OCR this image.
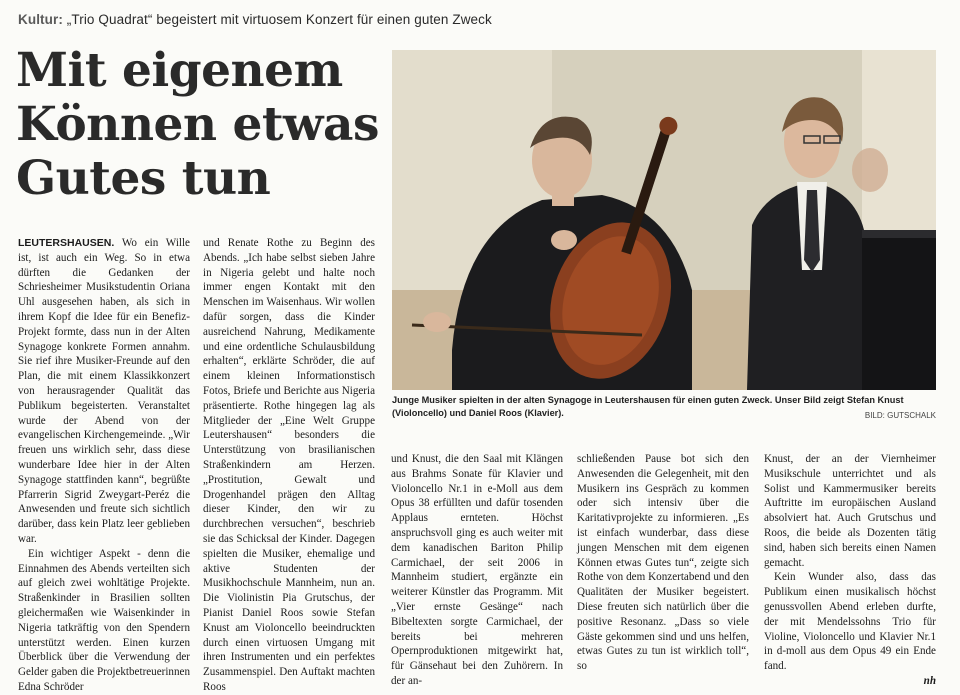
Kultur: „Trio Quadrat“ begeistert mit virtuosem Konzert für einen guten Zweck
Mit eigenem
Können etwas
Gutes tun
Junge Musiker spielten in der alten Synagoge in Leutershausen für einen guten Zweck. Unser Bild zeigt Stefan Knust (Violoncello) und Daniel Roos (Klavier).	BILD: GUTSCHALK

LEUTERSHAUSEN. Wo ein Wille ist, ist auch ein Weg. So in etwa dürften die Gedanken der Schriesheimer Musikstudentin Oriana Uhl ausgesehen haben, als sich in ihrem Kopf die Idee für ein Benefiz-Projekt formte, dass nun in der Alten Synagoge konkrete Formen annahm. Sie rief ihre Musiker-Freunde auf den Plan, die mit einem Klassikkonzert von herausragender Qualität das Publikum begeisterten. Veranstaltet wurde der Abend von der evangelischen Kirchengemeinde. „Wir freuen uns wirklich sehr, dass diese wunderbare Idee hier in der Alten Synagoge stattfinden kann“, begrüßte Pfarrerin Sigrid Zweygart-Peréz die Anwesenden und freute sich sichtlich darüber, dass kein Platz leer geblieben war.

Ein wichtiger Aspekt - denn die Einnahmen des Abends verteilten sich auf gleich zwei wohltätige Projekte. Straßenkinder in Brasilien sollten gleichermaßen wie Waisenkinder in Nigeria tatkräftig von den Spendern unterstützt werden. Einen kurzen Überblick über die Verwendung der Gelder gaben die Projektbetreuerinnen Edna Schröder

und Renate Rothe zu Beginn des Abends. „Ich habe selbst sieben Jahre in Nigeria gelebt und halte noch immer engen Kontakt mit den Menschen im Waisenhaus. Wir wollen dafür sorgen, dass die Kinder ausreichend Nahrung, Medikamente und eine ordentliche Schulausbildung erhalten“, erklärte Schröder, die auf einem kleinen Informationstisch Fotos, Briefe und Berichte aus Nigeria präsentierte. Rothe hingegen lag als Mitglieder der „Eine Welt Gruppe Leutershausen“ besonders die Unterstützung von brasilianischen Straßenkindern am Herzen. „Prostitution, Gewalt und Drogenhandel prägen den Alltag dieser Kinder, den wir zu durchbrechen versuchen“, beschrieb sie das Schicksal der Kinder. Dagegen spielten die Musiker, ehemalige und aktive Studenten der Musikhochschule Mannheim, nun an. Die Violinistin Pia Grutschus, der Pianist Daniel Roos sowie Stefan Knust am Violoncello beeindruckten durch einen virtuosen Umgang mit ihren Instrumenten und ein perfektes Zusammenspiel. Den Auftakt machten Roos

und Knust, die den Saal mit Klängen aus Brahms Sonate für Klavier und Violoncello Nr.1 in e-Moll aus dem Opus 38 erfüllten und dafür tosenden Applaus ernteten. Höchst anspruchsvoll ging es auch weiter mit dem kanadischen Bariton Philip Carmichael, der seit 2006 in Mannheim studiert, ergänzte ein weiterer Künstler das Programm. Mit „Vier ernste Gesänge“ nach Bibeltexten sorgte Carmichael, der bereits bei mehreren Opernproduktionen mitgewirkt hat, für Gänsehaut bei den Zuhörern. In der an-

schließenden Pause bot sich den Anwesenden die Gelegenheit, mit den Musikern ins Gespräch zu kommen oder sich intensiv über die Karitativprojekte zu informieren. „Es ist einfach wunderbar, dass diese jungen Menschen mit dem eigenen Können etwas Gutes tun“, zeigte sich Rothe von dem Konzertabend und den Qualitäten der Musiker begeistert. Diese freuten sich natürlich über die positive Resonanz. „Dass so viele Gäste gekommen sind und uns helfen, etwas Gutes zu tun ist wirklich toll“, so

Knust, der an der Viernheimer Musikschule unterrichtet und als Solist und Kammermusiker bereits Auftritte im europäischen Ausland absolviert hat. Auch Grutschus und Roos, die beide als Dozenten tätig sind, haben sich bereits einen Namen gemacht.

Kein Wunder also, dass das Publikum einen musikalisch höchst genussvollen Abend erleben durfte, der mit Mendelssohns Trio für Violine, Violoncello und Klavier Nr.1 in d-moll aus dem Opus 49 ein Ende fand.

nh
